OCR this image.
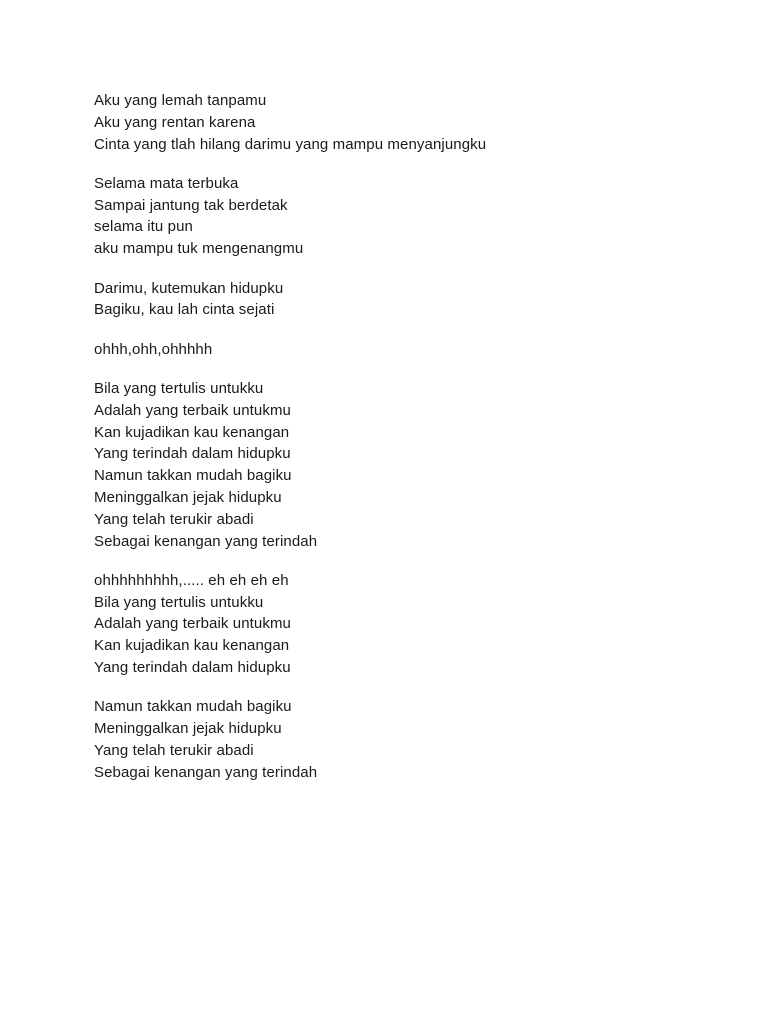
Aku yang lemah tanpamu
Aku yang rentan karena
Cinta yang tlah hilang darimu yang mampu menyanjungku
Selama mata terbuka
Sampai jantung tak berdetak
selama itu pun
aku mampu tuk mengenangmu
Darimu, kutemukan hidupku
Bagiku, kau lah cinta sejati
ohhh,ohh,ohhhhh
Bila yang tertulis untukku
Adalah yang terbaik untukmu
Kan kujadikan kau kenangan
Yang terindah dalam hidupku
Namun takkan mudah bagiku
Meninggalkan jejak hidupku
Yang telah terukir abadi
Sebagai kenangan yang terindah
ohhhhhhhhh,..... eh eh eh eh
Bila yang tertulis untukku
Adalah yang terbaik untukmu
Kan kujadikan kau kenangan
Yang terindah dalam hidupku
Namun takkan mudah bagiku
Meninggalkan jejak hidupku
Yang telah terukir abadi
Sebagai kenangan yang terindah
